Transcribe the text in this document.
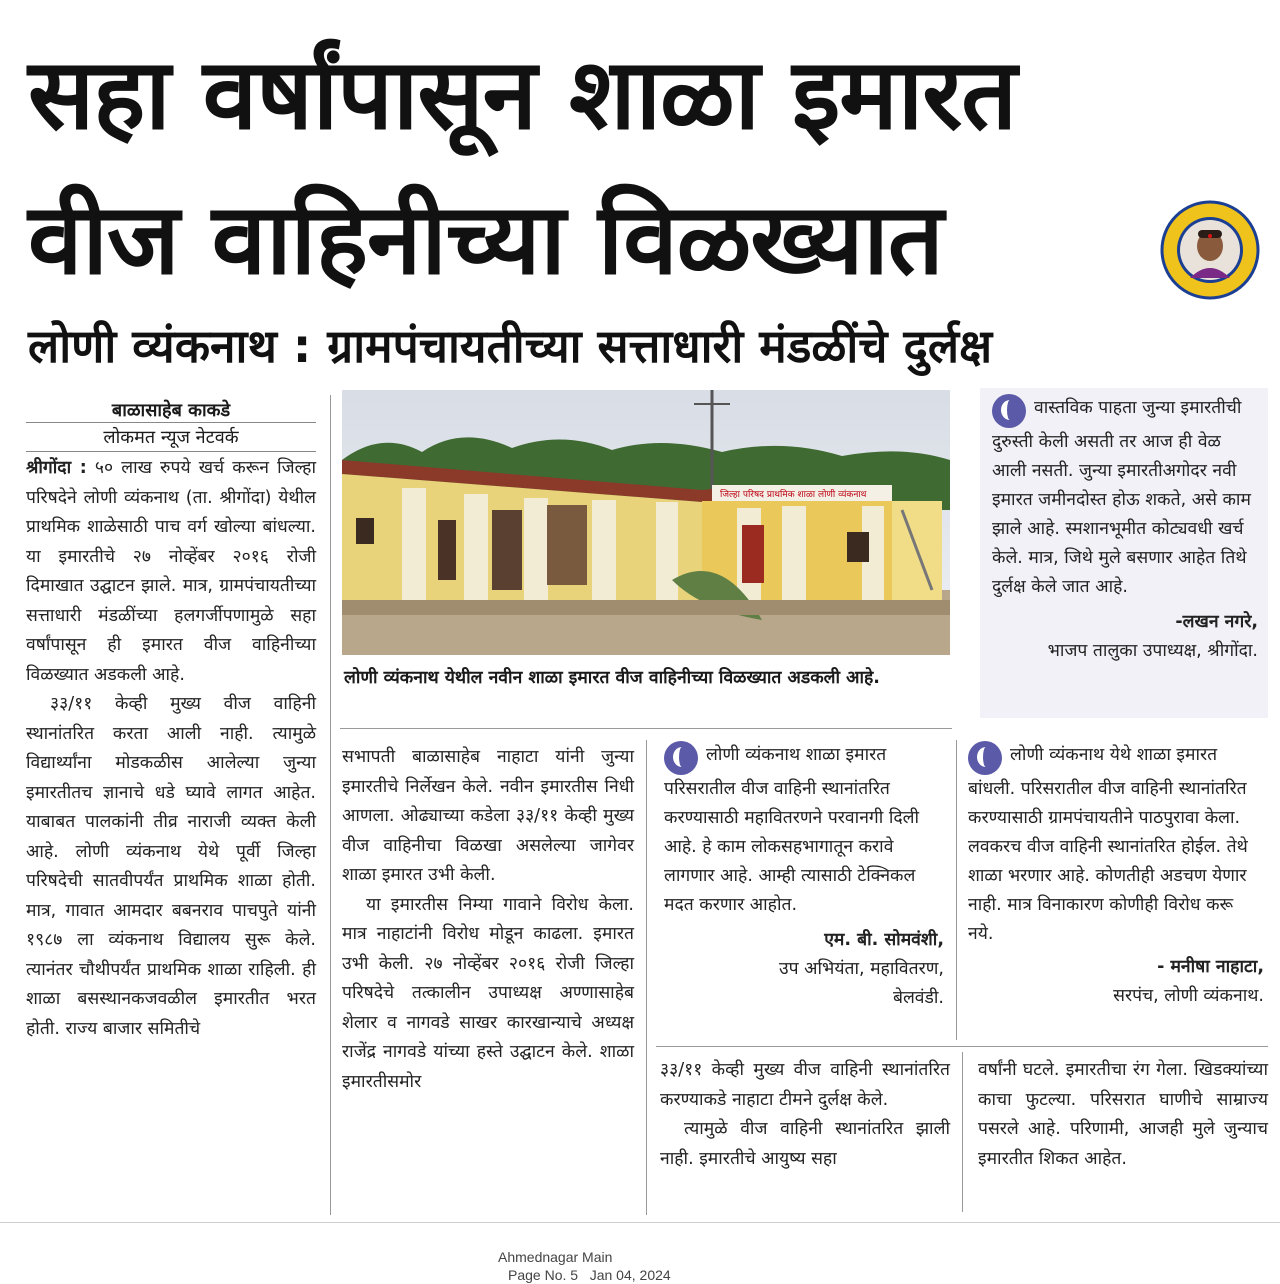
सहा वर्षांपासून शाळा इमारत
वीज वाहिनीच्या विळख्यात
लोणी व्यंकनाथ : ग्रामपंचायतीच्या सत्ताधारी मंडळींचे दुर्लक्ष
बाळासाहेब काकडे
लोकमत न्यूज नेटवर्क

श्रीगोंदा : ५० लाख रुपये खर्च करून जिल्हा परिषदेने लोणी व्यंकनाथ (ता. श्रीगोंदा) येथील प्राथमिक शाळेसाठी पाच वर्ग खोल्या बांधल्या. या इमारतीचे २७ नोव्हेंबर २०१६ रोजी दिमाखात उद्घाटन झाले. मात्र, ग्रामपंचायतीच्या सत्ताधारी मंडळींच्या हलगर्जीपणामुळे सहा वर्षांपासून ही इमारत वीज वाहिनीच्या विळख्यात अडकली आहे.

३३/११ केव्ही मुख्य वीज वाहिनी स्थानांतरित करता आली नाही. त्यामुळे विद्यार्थ्यांना मोडकळीस आलेल्या जुन्या इमारतीतच ज्ञानाचे धडे घ्यावे लागत आहेत. याबाबत पालकांनी तीव्र नाराजी व्यक्त केली आहे. लोणी व्यंकनाथ येथे पूर्वी जिल्हा परिषदेची सातवीपर्यंत प्राथमिक शाळा होती. मात्र, गावात आमदार बबनराव पाचपुते यांनी १९८७ ला व्यंकनाथ विद्यालय सुरू केले. त्यानंतर चौथीपर्यंत प्राथमिक शाळा राहिली. ही शाळा बसस्थानकजवळील इमारतीत भरत होती. राज्य बाजार समितीचे

जिल्हा परिषद प्राथमिक शाळा लोणी व्यंकनाथ
लोणी व्यंकनाथ येथील नवीन शाळा इमारत वीज वाहिनीच्या विळख्यात अडकली आहे.

सभापती बाळासाहेब नाहाटा यांनी जुन्या इमारतीचे निर्लेखन केले. नवीन इमारतीस निधी आणला. ओढ्याच्या कडेला ३३/११ केव्ही मुख्य वीज वाहिनीचा विळखा असलेल्या जागेवर शाळा इमारत उभी केली.

या इमारतीस निम्या गावाने विरोध केला. मात्र नाहाटांनी विरोध मोडून काढला. इमारत उभी केली. २७ नोव्हेंबर २०१६ रोजी जिल्हा परिषदेचे तत्कालीन उपाध्यक्ष अण्णासाहेब शेलार व नागवडे साखर कारखान्याचे अध्यक्ष राजेंद्र नागवडे यांच्या हस्ते उद्घाटन केले. शाळा इमारतीसमोर

वास्तविक पाहता जुन्या इमारतीची दुरुस्ती केली असती तर आज ही वेळ आली नसती. जुन्या इमारतीअगोदर नवी इमारत जमीनदोस्त होऊ शकते, असे काम झाले आहे. स्मशानभूमीत कोट्यवधी खर्च केले. मात्र, जिथे मुले बसणार आहेत तिथे दुर्लक्ष केले जात आहे.
-लखन नगरे,
भाजप तालुका उपाध्यक्ष, श्रीगोंदा.
लोणी व्यंकनाथ शाळा इमारत परिसरातील वीज वाहिनी स्थानांतरित करण्यासाठी महावितरणने परवानगी दिली आहे. हे काम लोकसहभागातून करावे लागणार आहे. आम्ही त्यासाठी टेक्निकल मदत करणार आहोत.
एम. बी. सोमवंशी,
उप अभियंता, महावितरण,
बेलवंडी.
लोणी व्यंकनाथ येथे शाळा इमारत बांधली. परिसरातील वीज वाहिनी स्थानांतरित करण्यासाठी ग्रामपंचायतीने पाठपुरावा केला. लवकरच वीज वाहिनी स्थानांतरित होईल. तेथे शाळा भरणार आहे. कोणतीही अडचण येणार नाही. मात्र विनाकारण कोणीही विरोध करू नये.
- मनीषा नाहाटा,
सरपंच, लोणी व्यंकनाथ.

३३/११ केव्ही मुख्य वीज वाहिनी स्थानांतरित करण्याकडे नाहाटा टीमने दुर्लक्ष केले.

त्यामुळे वीज वाहिनी स्थानांतरित झाली नाही. इमारतीचे आयुष्य सहा

वर्षांनी घटले. इमारतीचा रंग गेला. खिडक्यांच्या काचा फुटल्या. परिसरात घाणीचे साम्राज्य पसरले आहे. परिणामी, आजही मुले जुन्याच इमारतीत शिकत आहेत.

Ahmednagar Main
Page No. 5   Jan 04, 2024
